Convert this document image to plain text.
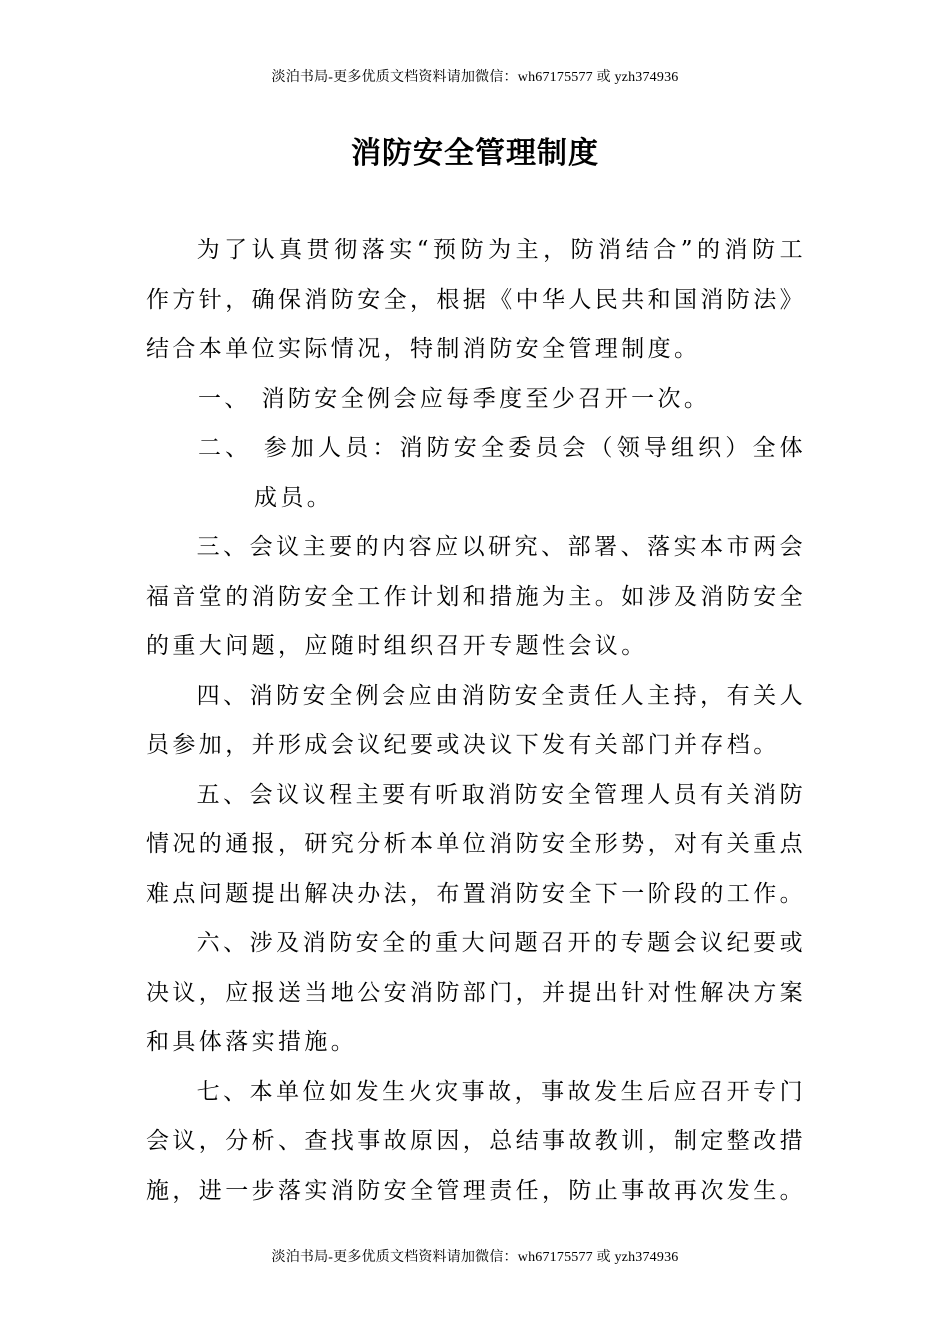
淡泊书局-更多优质文档资料请加微信：wh67175577 或 yzh374936
消防安全管理制度

为了认真贯彻落实“预防为主，防消结合”的消防工作方针，确保消防安全，根据《中华人民共和国消防法》结合本单位实际情况，特制消防安全管理制度。

一、 消防安全例会应每季度至少召开一次。

二、 参加人员：消防安全委员会（领导组织）全体成员。

三、会议主要的内容应以研究、部署、落实本市两会福音堂的消防安全工作计划和措施为主。如涉及消防安全的重大问题，应随时组织召开专题性会议。

四、消防安全例会应由消防安全责任人主持，有关人员参加，并形成会议纪要或决议下发有关部门并存档。

五、会议议程主要有听取消防安全管理人员有关消防情况的通报，研究分析本单位消防安全形势，对有关重点难点问题提出解决办法，布置消防安全下一阶段的工作。

六、涉及消防安全的重大问题召开的专题会议纪要或决议，应报送当地公安消防部门，并提出针对性解决方案和具体落实措施。

七、本单位如发生火灾事故，事故发生后应召开专门会议，分析、查找事故原因，总结事故教训，制定整改措施，进一步落实消防安全管理责任，防止事故再次发生。

淡泊书局-更多优质文档资料请加微信：wh67175577 或 yzh374936
